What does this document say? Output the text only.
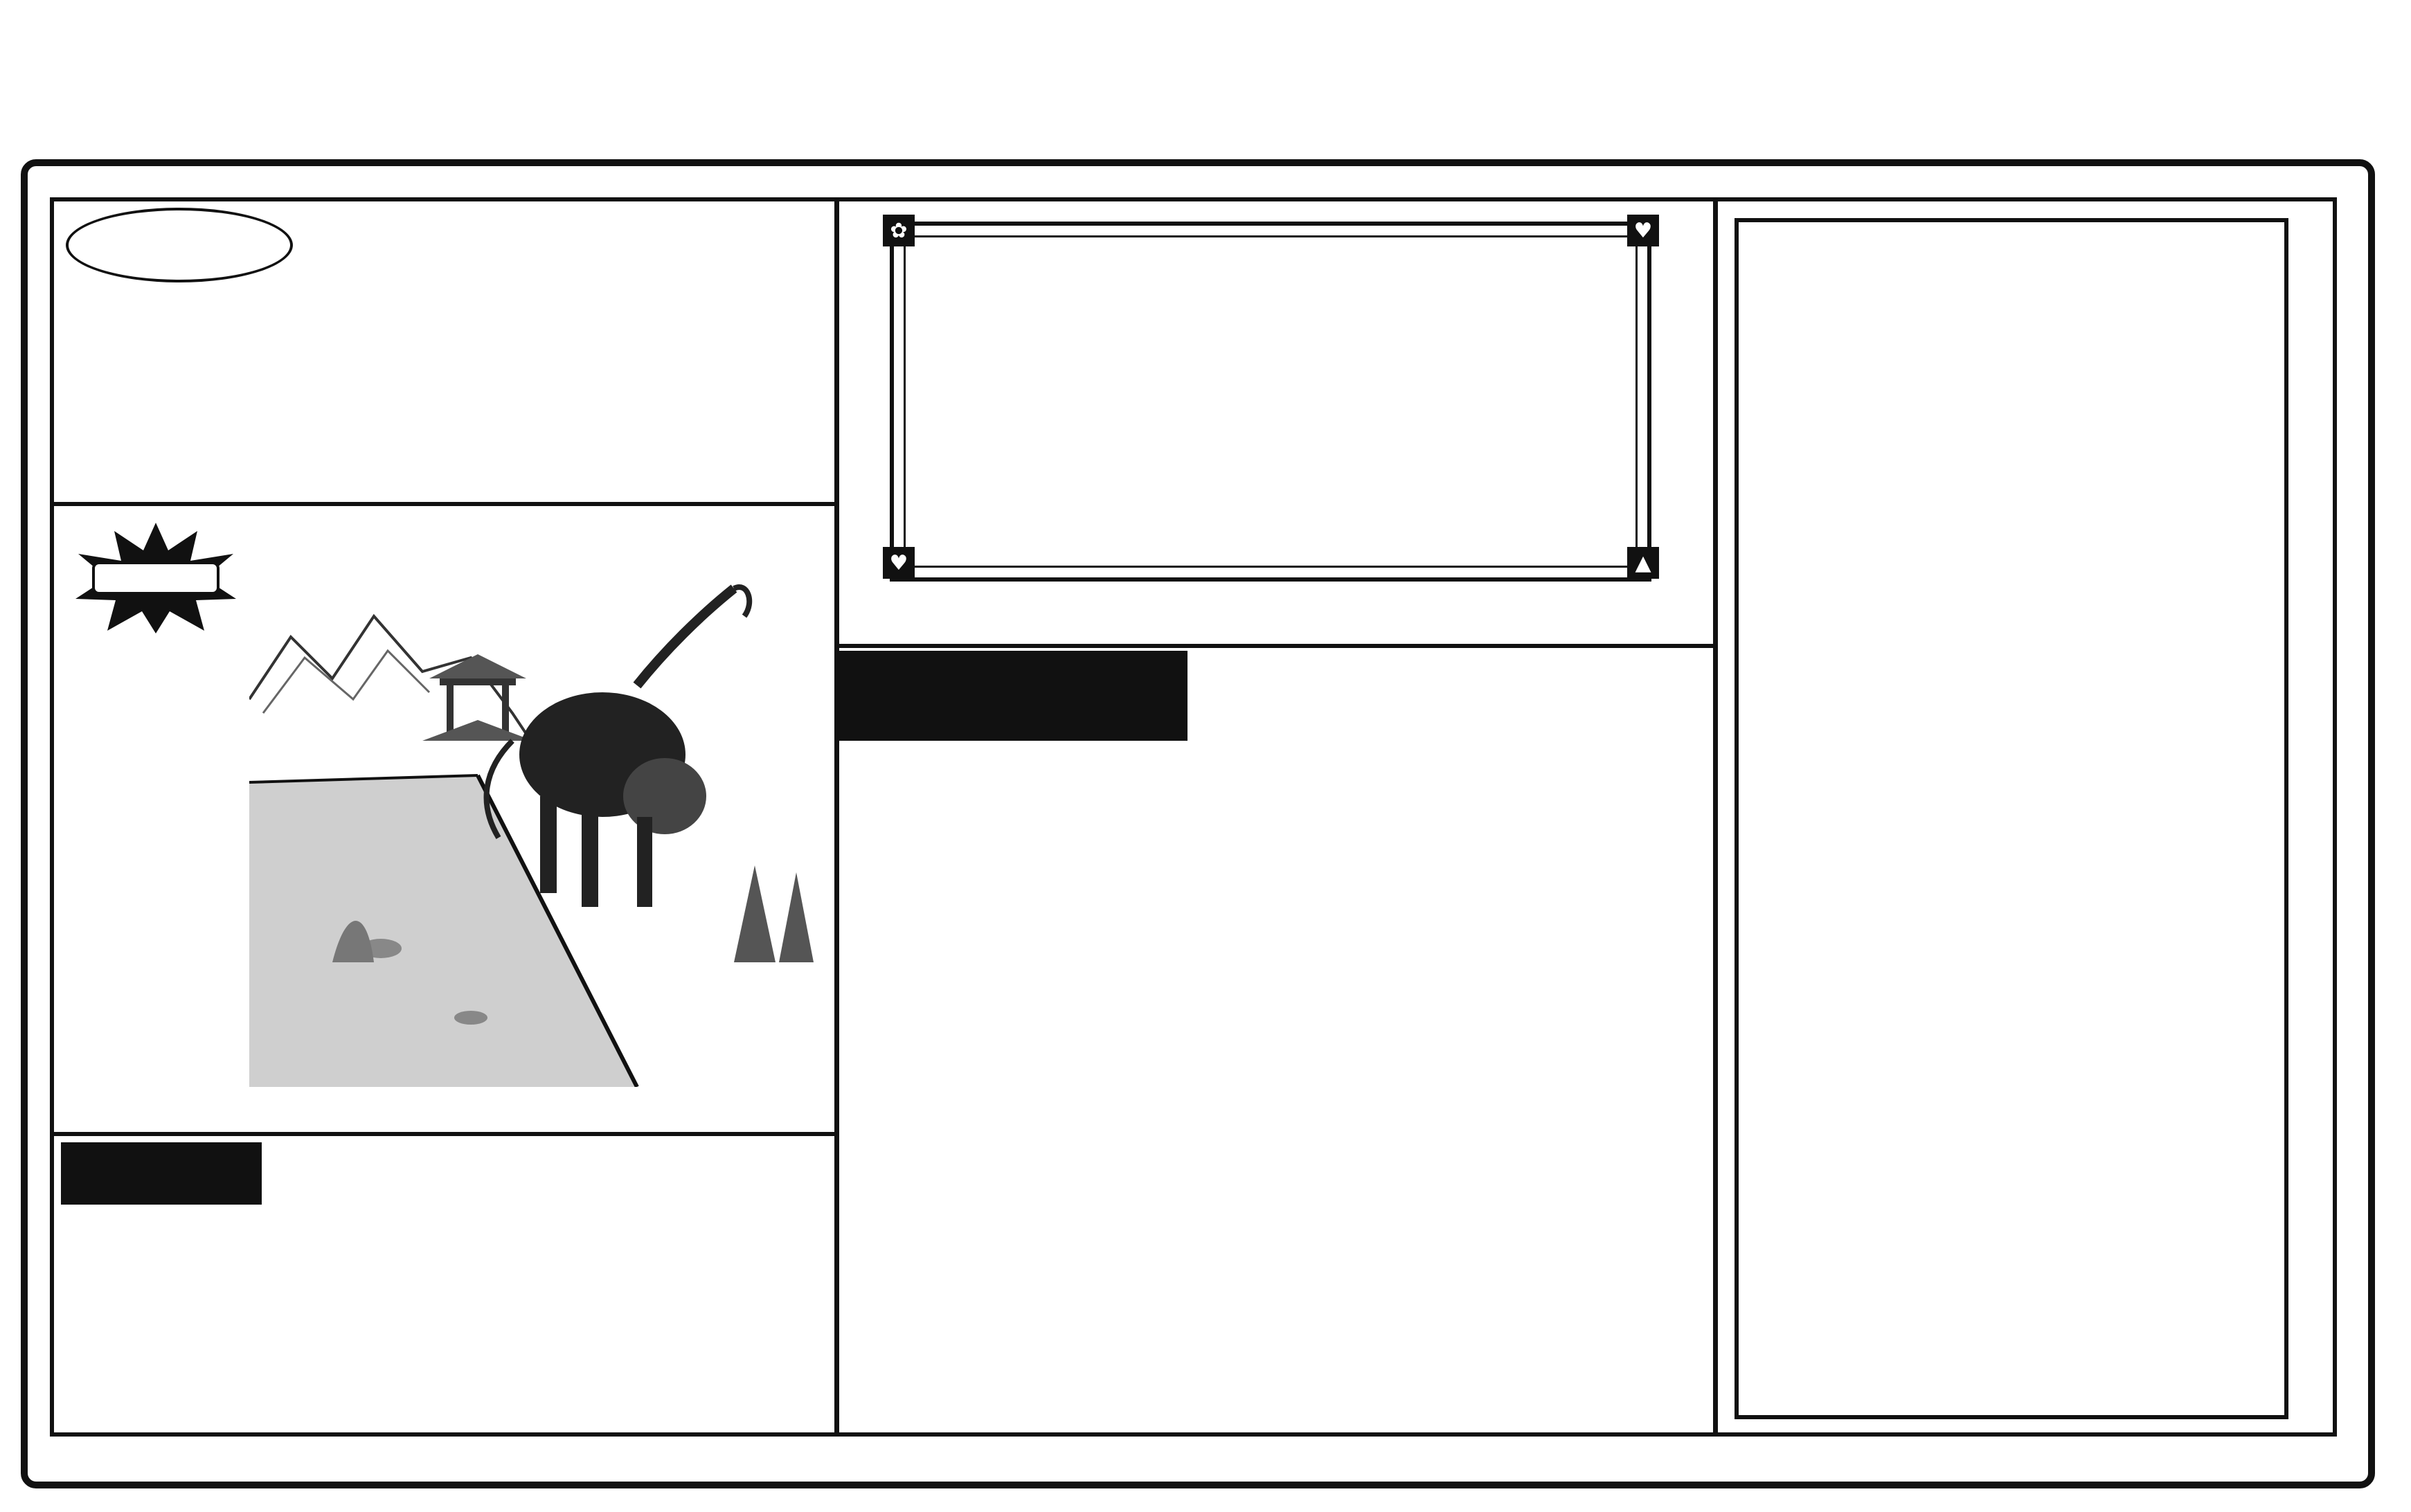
✿	♥
♥	▲
